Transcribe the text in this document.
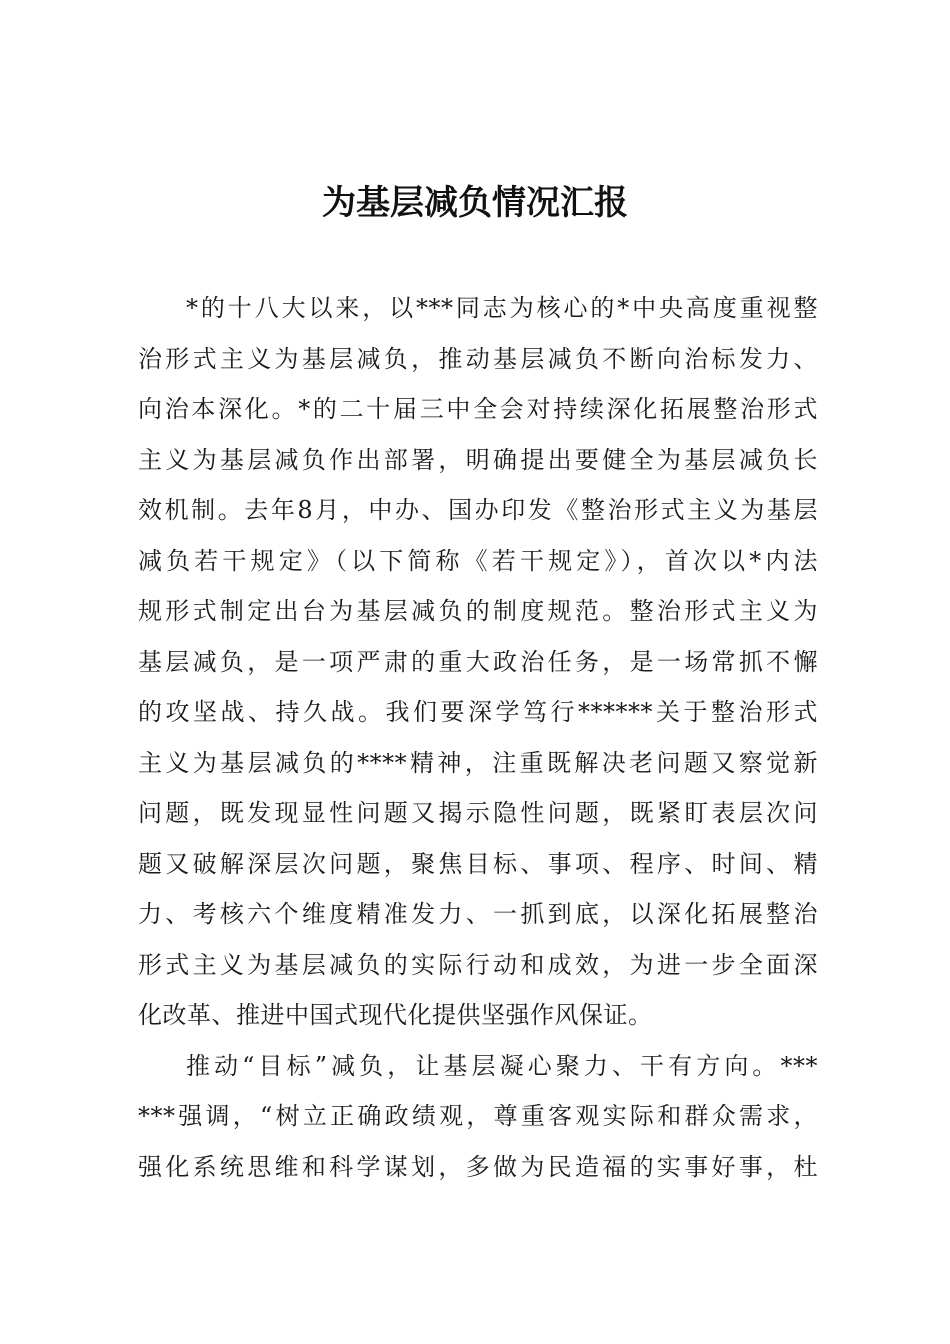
为基层减负情况汇报
*的十八大以来，以***同志为核心的*中央高度重视整
治形式主义为基层减负，推动基层减负不断向治标发力、
向治本深化。*的二十届三中全会对持续深化拓展整治形式
主义为基层减负作出部署，明确提出要健全为基层减负长
效机制。去年8月，中办、国办印发《整治形式主义为基层
减负若干规定》（以下简称《若干规定》），首次以*内法
规形式制定出台为基层减负的制度规范。整治形式主义为
基层减负，是一项严肃的重大政治任务，是一场常抓不懈
的攻坚战、持久战。我们要深学笃行******关于整治形式
主义为基层减负的****精神，注重既解决老问题又察觉新
问题，既发现显性问题又揭示隐性问题，既紧盯表层次问
题又破解深层次问题，聚焦目标、事项、程序、时间、精
力、考核六个维度精准发力、一抓到底，以深化拓展整治
形式主义为基层减负的实际行动和成效，为进一步全面深
化改革、推进中国式现代化提供坚强作风保证。
推动“目标”减负，让基层凝心聚力、干有方向。***
***强调，“树立正确政绩观，尊重客观实际和群众需求，
强化系统思维和科学谋划，多做为民造福的实事好事，杜
